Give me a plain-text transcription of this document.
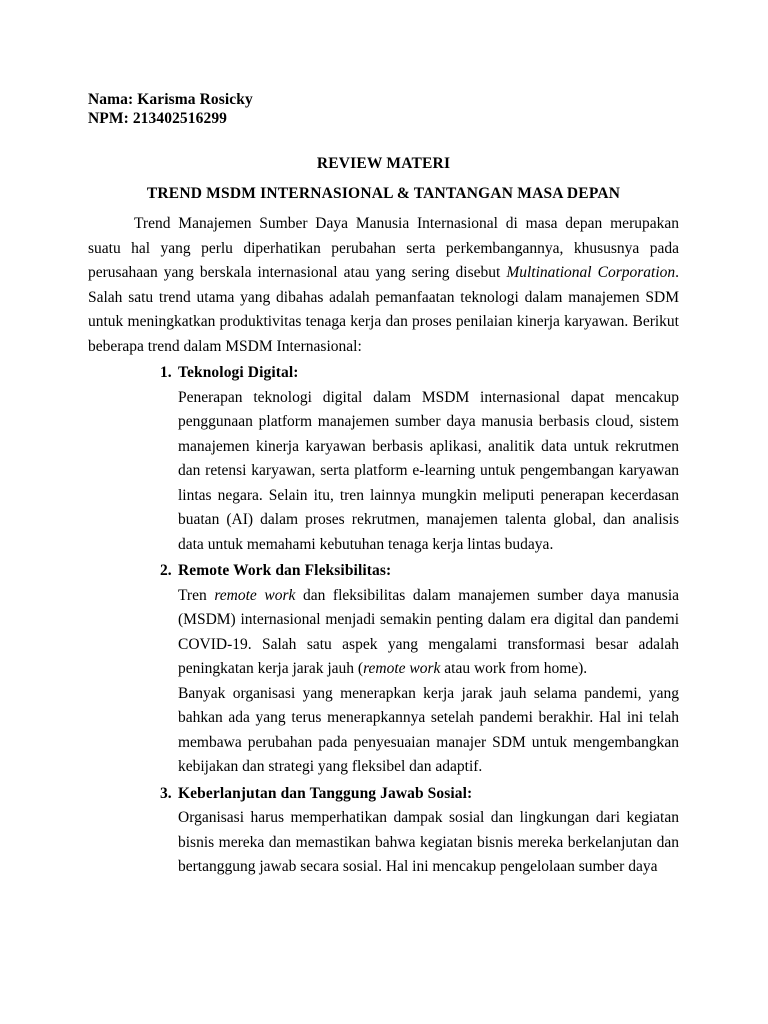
Nama: Karisma Rosicky
NPM: 213402516299
REVIEW MATERI
TREND MSDM INTERNASIONAL & TANTANGAN MASA DEPAN

Trend Manajemen Sumber Daya Manusia Internasional di masa depan merupakan suatu hal yang perlu diperhatikan perubahan serta perkembangannya, khususnya pada perusahaan yang berskala internasional atau yang sering disebut Multinational Corporation. Salah satu trend utama yang dibahas adalah pemanfaatan teknologi dalam manajemen SDM untuk meningkatkan produktivitas tenaga kerja dan proses penilaian kinerja karyawan. Berikut beberapa trend dalam MSDM Internasional:

1. Teknologi Digital:

Penerapan teknologi digital dalam MSDM internasional dapat mencakup penggunaan platform manajemen sumber daya manusia berbasis cloud, sistem manajemen kinerja karyawan berbasis aplikasi, analitik data untuk rekrutmen dan retensi karyawan, serta platform e-learning untuk pengembangan karyawan lintas negara. Selain itu, tren lainnya mungkin meliputi penerapan kecerdasan buatan (AI) dalam proses rekrutmen, manajemen talenta global, dan analisis data untuk memahami kebutuhan tenaga kerja lintas budaya.

2. Remote Work dan Fleksibilitas:

Tren remote work dan fleksibilitas dalam manajemen sumber daya manusia (MSDM) internasional menjadi semakin penting dalam era digital dan pandemi COVID-19. Salah satu aspek yang mengalami transformasi besar adalah peningkatan kerja jarak jauh (remote work atau work from home).

Banyak organisasi yang menerapkan kerja jarak jauh selama pandemi, yang bahkan ada yang terus menerapkannya setelah pandemi berakhir. Hal ini telah membawa perubahan pada penyesuaian manajer SDM untuk mengembangkan kebijakan dan strategi yang fleksibel dan adaptif.

3. Keberlanjutan dan Tanggung Jawab Sosial:

Organisasi harus memperhatikan dampak sosial dan lingkungan dari kegiatan bisnis mereka dan memastikan bahwa kegiatan bisnis mereka berkelanjutan dan bertanggung jawab secara sosial. Hal ini mencakup pengelolaan sumber daya
